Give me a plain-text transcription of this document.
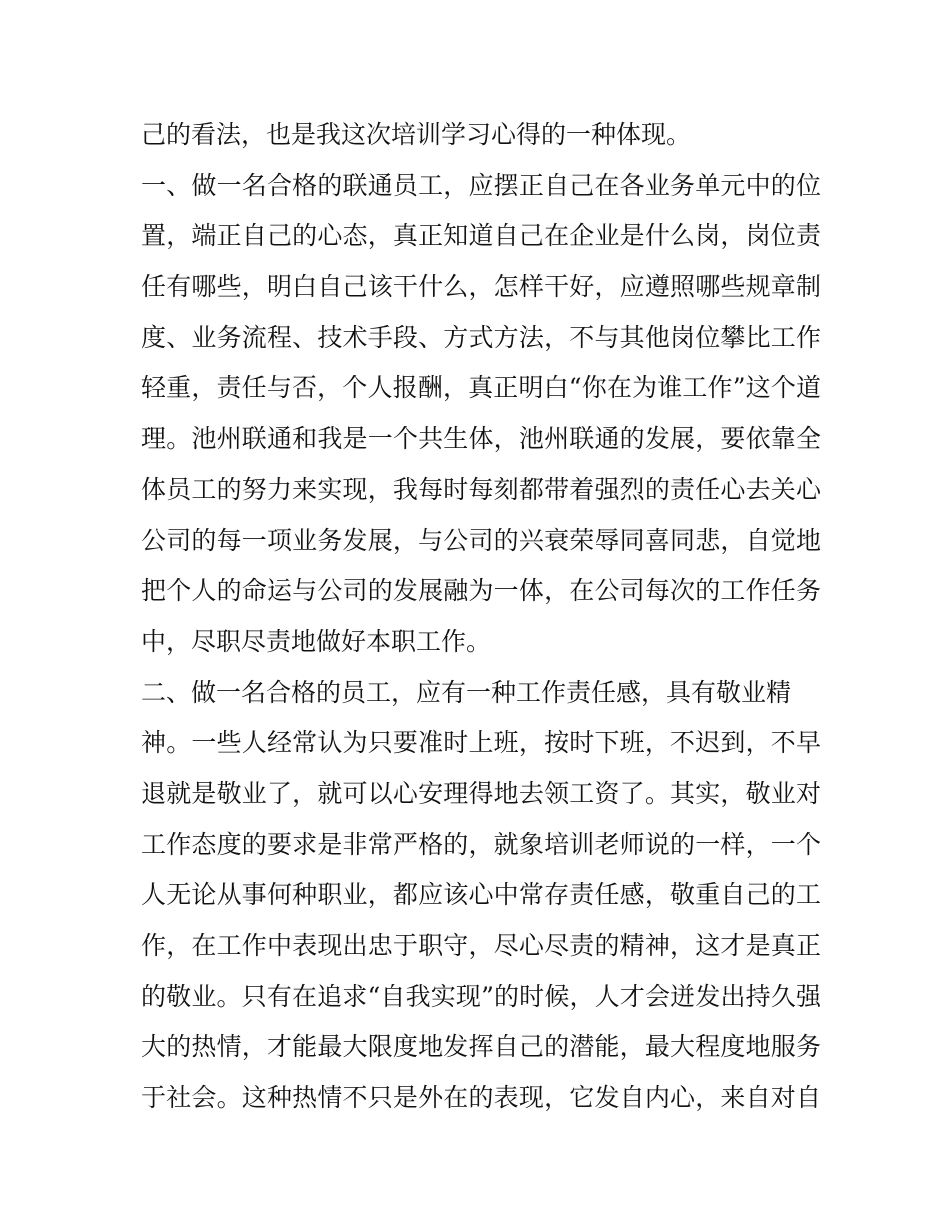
己的看法，也是我这次培训学习心得的一种体现。
一、做一名合格的联通员工，应摆正自己在各业务单元中的位
置，端正自己的心态，真正知道自己在企业是什么岗，岗位责
任有哪些，明白自己该干什么，怎样干好，应遵照哪些规章制
度、业务流程、技术手段、方式方法，不与其他岗位攀比工作
轻重，责任与否，个人报酬，真正明白“你在为谁工作”这个道
理。池州联通和我是一个共生体，池州联通的发展，要依靠全
体员工的努力来实现，我每时每刻都带着强烈的责任心去关心
公司的每一项业务发展，与公司的兴衰荣辱同喜同悲，自觉地
把个人的命运与公司的发展融为一体，在公司每次的工作任务
中，尽职尽责地做好本职工作。
二、做一名合格的员工，应有一种工作责任感，具有敬业精
神。一些人经常认为只要准时上班，按时下班，不迟到，不早
退就是敬业了，就可以心安理得地去领工资了。其实，敬业对
工作态度的要求是非常严格的，就象培训老师说的一样，一个
人无论从事何种职业，都应该心中常存责任感，敬重自己的工
作，在工作中表现出忠于职守，尽心尽责的精神，这才是真正
的敬业。只有在追求“自我实现”的时候，人才会迸发出持久强
大的热情，才能最大限度地发挥自己的潜能，最大程度地服务
于社会。这种热情不只是外在的表现，它发自内心，来自对自
